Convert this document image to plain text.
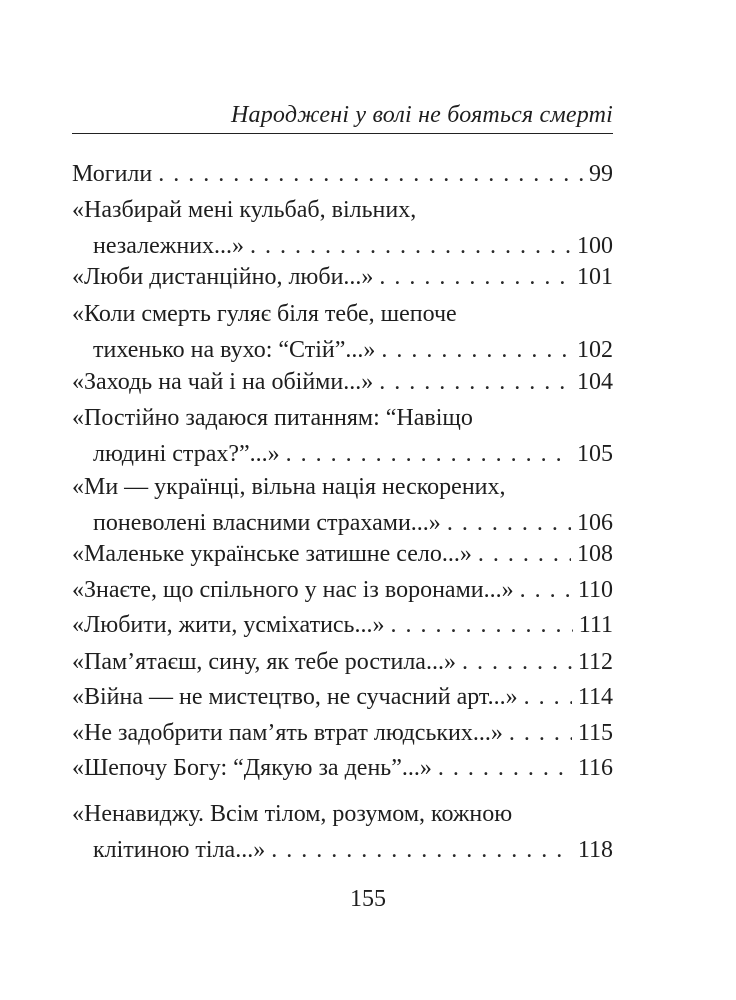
Народжені у волі не бояться смерті
Могили . . .	99
«Назбирай мені кульбаб, вільних,
незалежних...» . . .	100
«Люби дистанційно, люби...» . . .	101
«Коли смерть гуляє біля тебе, шепоче
тихенько на вухо: “Стій”...» . . .	102
«Заходь на чай і на обійми...» . . .	104
«Постійно задаюся питанням: “Навіщо
людині страх?”...» . . .	105
«Ми — українці, вільна нація нескорених,
поневолені власними страхами...» . . .	106
«Маленьке українське затишне село...» . . .	108
«Знаєте, що спільного у нас із воронами...» . . .	110
«Любити, жити, усміхатись...» . . .	111
«Пам’ятаєш, сину, як тебе ростила...» . . .	112
«Війна — не мистецтво, не сучасний арт...» . . .	114
«Не задобрити пам’ять втрат людських...» . . .	115
«Шепочу Богу: “Дякую за день”...» . . .	116
«Ненавиджу. Всім тілом, розумом, кожною
клітиною тіла...» . . .	118
155
